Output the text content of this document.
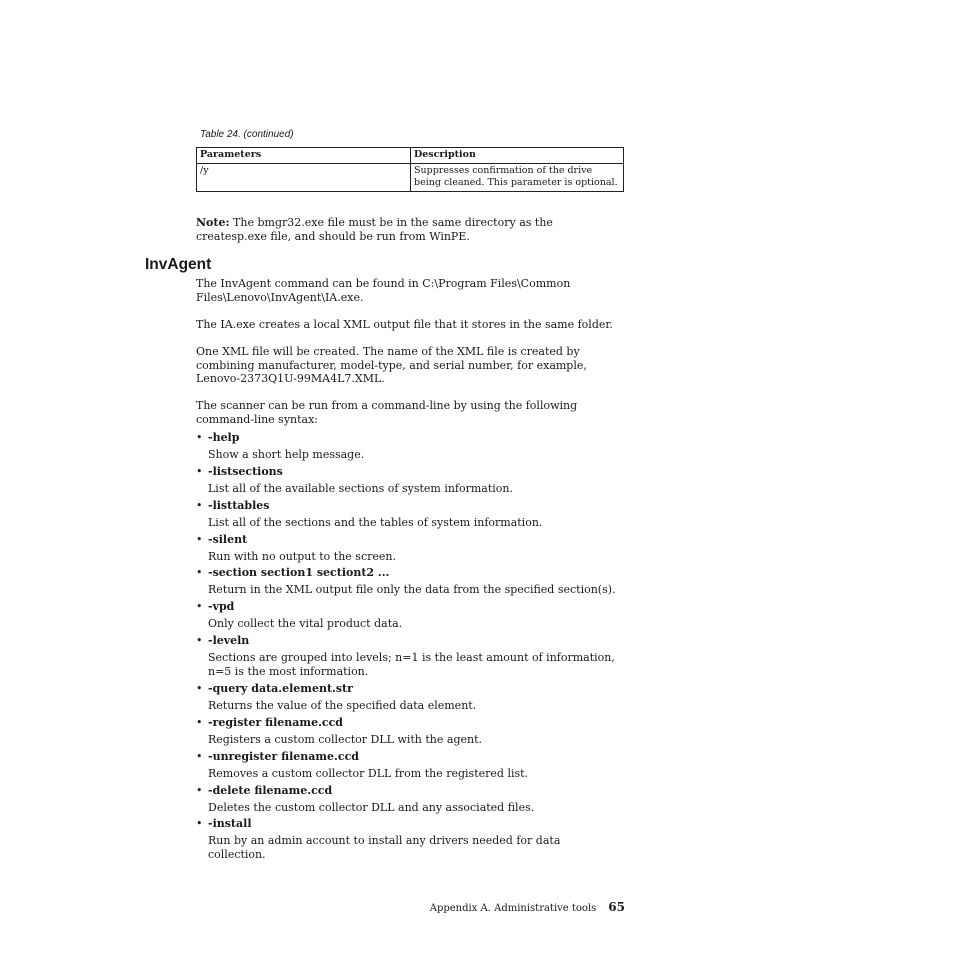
Table 24. (continued)
Parameters	Description
/y	Suppresses confirmation of the drive being cleaned. This parameter is optional.
Note: The bmgr32.exe file must be in the same directory as the createsp.exe file, and should be run from WinPE.
InvAgent
The InvAgent command can be found in C:\Program Files\Common Files\Lenovo\InvAgent\IA.exe.
The IA.exe creates a local XML output file that it stores in the same folder.
One XML file will be created. The name of the XML file is created by combining manufacturer, model-type, and serial number, for example, Lenovo-2373Q1U-99MA4L7.XML.
The scanner can be run from a command-line by using the following command-line syntax:
• -help
Show a short help message.
• -listsections
List all of the available sections of system information.
• -listtables
List all of the sections and the tables of system information.
• -silent
Run with no output to the screen.
• -section section1 sectiont2 ...
Return in the XML output file only the data from the specified section(s).
• -vpd
Only collect the vital product data.
• -leveln
Sections are grouped into levels; n=1 is the least amount of information, n=5 is the most information.
• -query data.element.str
Returns the value of the specified data element.
• -register filename.ccd
Registers a custom collector DLL with the agent.
• -unregister filename.ccd
Removes a custom collector DLL from the registered list.
• -delete filename.ccd
Deletes the custom collector DLL and any associated files.
• -install
Run by an admin account to install any drivers needed for data collection.
Appendix A. Administrative tools 65
